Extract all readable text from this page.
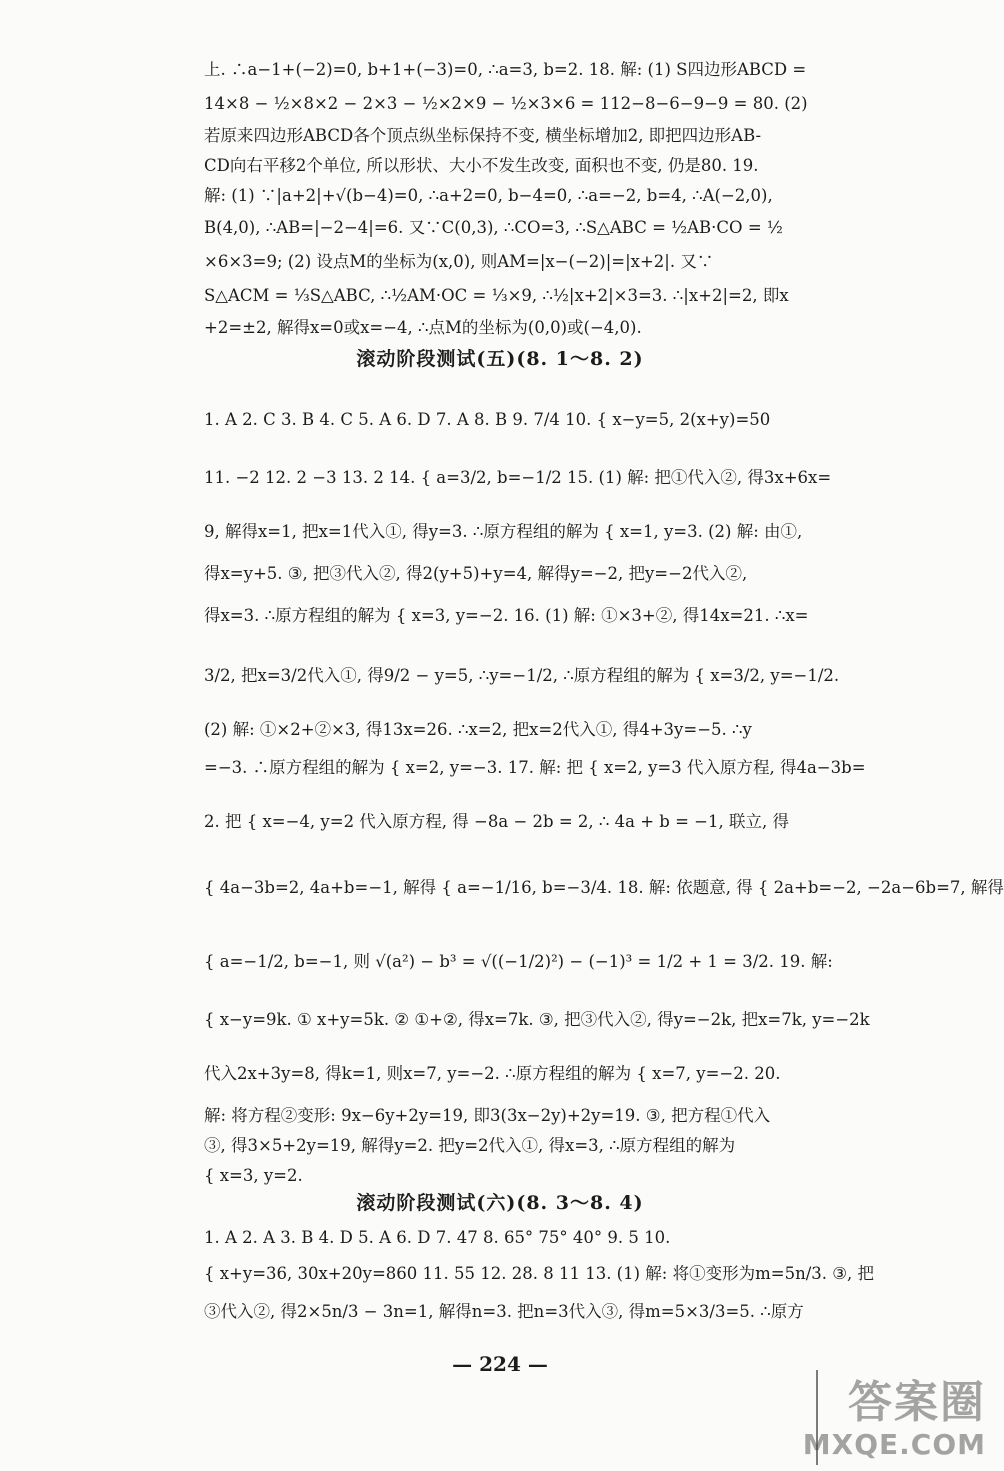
上. ∴a−1+(−2)=0, b+1+(−3)=0, ∴a=3, b=2. 18. 解: (1) S四边形ABCD =
14×8 − ½×8×2 − 2×3 − ½×2×9 − ½×3×6 = 112−8−6−9−9 = 80. (2)
若原来四边形ABCD各个顶点纵坐标保持不变, 横坐标增加2, 即把四边形AB-
CD向右平移2个单位, 所以形状、大小不发生改变, 面积也不变, 仍是80. 19.
解: (1) ∵|a+2|+√(b−4)=0, ∴a+2=0, b−4=0, ∴a=−2, b=4, ∴A(−2,0),
B(4,0), ∴AB=|−2−4|=6. 又∵C(0,3), ∴CO=3, ∴S△ABC = ½AB·CO = ½
×6×3=9; (2) 设点M的坐标为(x,0), 则AM=|x−(−2)|=|x+2|. 又∵
S△ACM = ⅓S△ABC, ∴½AM·OC = ⅓×9, ∴½|x+2|×3=3. ∴|x+2|=2, 即x
+2=±2, 解得x=0或x=−4, ∴点M的坐标为(0,0)或(−4,0).
滚动阶段测试(五)(8. 1～8. 2)
1. A 2. C 3. B 4. C 5. A 6. D 7. A 8. B 9. 7/4 10. { x−y=5, 2(x+y)=50
11. −2 12. 2 −3 13. 2 14. { a=3/2, b=−1/2 15. (1) 解: 把①代入②, 得3x+6x=
9, 解得x=1, 把x=1代入①, 得y=3. ∴原方程组的解为 { x=1, y=3. (2) 解: 由①,
得x=y+5. ③, 把③代入②, 得2(y+5)+y=4, 解得y=−2, 把y=−2代入②,
得x=3. ∴原方程组的解为 { x=3, y=−2. 16. (1) 解: ①×3+②, 得14x=21. ∴x=
3/2, 把x=3/2代入①, 得9/2 − y=5, ∴y=−1/2, ∴原方程组的解为 { x=3/2, y=−1/2.
(2) 解: ①×2+②×3, 得13x=26. ∴x=2, 把x=2代入①, 得4+3y=−5. ∴y
=−3. ∴原方程组的解为 { x=2, y=−3. 17. 解: 把 { x=2, y=3 代入原方程, 得4a−3b=
2. 把 { x=−4, y=2 代入原方程, 得 −8a − 2b = 2, ∴ 4a + b = −1, 联立, 得
{ 4a−3b=2, 4a+b=−1, 解得 { a=−1/16, b=−3/4. 18. 解: 依题意, 得 { 2a+b=−2, −2a−6b=7, 解得
{ a=−1/2, b=−1, 则 √(a²) − b³ = √((−1/2)²) − (−1)³ = 1/2 + 1 = 3/2. 19. 解:
{ x−y=9k. ① x+y=5k. ② ①+②, 得x=7k. ③, 把③代入②, 得y=−2k, 把x=7k, y=−2k
代入2x+3y=8, 得k=1, 则x=7, y=−2. ∴原方程组的解为 { x=7, y=−2. 20.
解: 将方程②变形: 9x−6y+2y=19, 即3(3x−2y)+2y=19. ③, 把方程①代入
③, 得3×5+2y=19, 解得y=2. 把y=2代入①, 得x=3, ∴原方程组的解为
{ x=3, y=2.
滚动阶段测试(六)(8. 3～8. 4)
1. A 2. A 3. B 4. D 5. A 6. D 7. 47 8. 65° 75° 40° 9. 5 10.
{ x+y=36, 30x+20y=860 11. 55 12. 28. 8 11 13. (1) 解: 将①变形为m=5n/3. ③, 把
③代入②, 得2×5n/3 − 3n=1, 解得n=3. 把n=3代入③, 得m=5×3/3=5. ∴原方
— 224 —
答案圈
MXQE.COM
